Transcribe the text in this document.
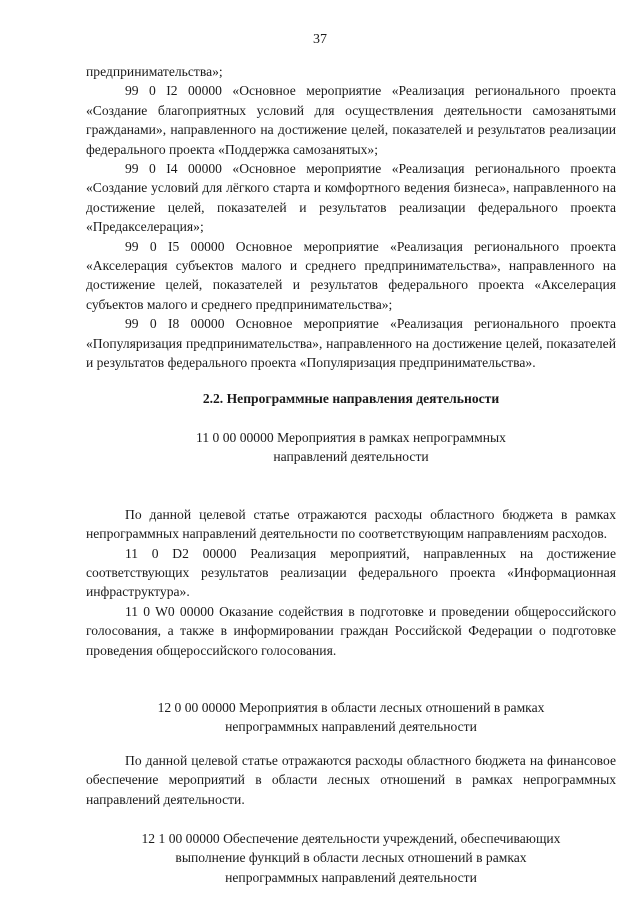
37

предпринимательства»;

99 0 I2 00000 «Основное мероприятие «Реализация регионального проекта «Создание благоприятных условий для осуществления деятельности самозанятыми гражданами», направленного на достижение целей, показателей и результатов реализации федерального проекта «Поддержка самозанятых»;

99 0 I4 00000 «Основное мероприятие «Реализация регионального проекта «Создание условий для лёгкого старта и комфортного ведения бизнеса», направленного на достижение целей, показателей и результатов реализации федерального проекта «Предакселерация»;

99 0 I5 00000 Основное мероприятие «Реализация регионального проекта «Акселерация субъектов малого и среднего предпринимательства», направленного на достижение целей, показателей и результатов федерального проекта «Акселерация субъектов малого и среднего предпринимательства»;

99 0 I8 00000 Основное мероприятие «Реализация регионального проекта «Популяризация предпринимательства», направленного на достижение целей, показателей и результатов федерального проекта «Популяризация предпринимательства».

2.2. Непрограммные направления деятельности

11 0 00 00000 Мероприятия в рамках непрограммных

направлений деятельности

По данной целевой статье отражаются расходы областного бюджета в рамках непрограммных направлений деятельности по соответствующим направлениям расходов.

11 0 D2 00000 Реализация мероприятий, направленных на достижение соответствующих результатов реализации федерального проекта «Информационная инфраструктура».

11 0 W0 00000 Оказание содействия в подготовке и проведении общероссийского голосования, а также в информировании граждан Российской Федерации о подготовке проведения общероссийского голосования.

12 0 00 00000 Мероприятия в области лесных отношений в рамках

непрограммных направлений деятельности

По данной целевой статье отражаются расходы областного бюджета на финансовое обеспечение мероприятий в области лесных отношений в рамках непрограммных направлений деятельности.

12 1 00 00000 Обеспечение деятельности учреждений, обеспечивающих

выполнение функций в области лесных отношений в рамках

непрограммных направлений деятельности
